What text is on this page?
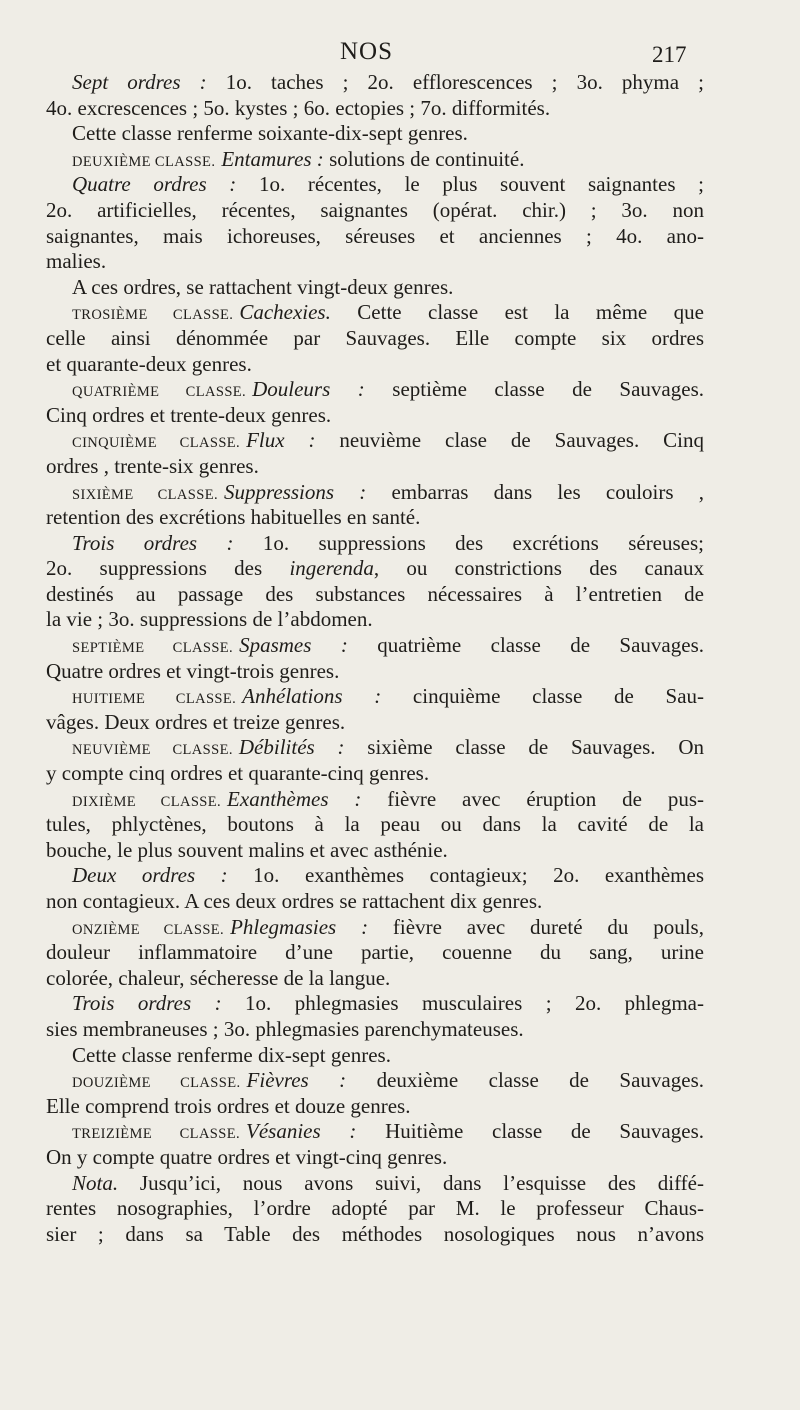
NOS	217
Sept ordres : 1o. taches ; 2o. efflorescences ; 3o. phyma ;
4o. excrescences ; 5o. kystes ; 6o. ectopies ; 7o. difformités.
Cette classe renferme soixante-dix-sept genres.
DEUXIÈME CLASSE. Entamures : solutions de continuité.
Quatre ordres : 1o. récentes, le plus souvent saignantes ;
2o. artificielles, récentes, saignantes (opérat. chir.) ; 3o. non
saignantes, mais ichoreuses, séreuses et anciennes ; 4o. ano-
malies.
A ces ordres, se rattachent vingt-deux genres.
TROSIÈME CLASSE. Cachexies. Cette classe est la même que
celle ainsi dénommée par Sauvages. Elle compte six ordres
et quarante-deux genres.
QUATRIÈME CLASSE. Douleurs : septième classe de Sauvages.
Cinq ordres et trente-deux genres.
CINQUIÈME CLASSE. Flux : neuvième clase de Sauvages. Cinq
ordres , trente-six genres.
SIXIÈME CLASSE. Suppressions : embarras dans les couloirs ,
retention des excrétions habituelles en santé.
Trois ordres : 1o. suppressions des excrétions séreuses;
2o. suppressions des ingerenda, ou constrictions des canaux
destinés au passage des substances nécessaires à l’entretien de
la vie ; 3o. suppressions de l’abdomen.
SEPTIÈME CLASSE. Spasmes : quatrième classe de Sauvages.
Quatre ordres et vingt-trois genres.
HUITIEME CLASSE. Anhélations : cinquième classe de Sau-
vâges. Deux ordres et treize genres.
NEUVIÈME CLASSE. Débilités : sixième classe de Sauvages. On
y compte cinq ordres et quarante-cinq genres.
DIXIÈME CLASSE. Exanthèmes : fièvre avec éruption de pus-
tules, phlyctènes, boutons à la peau ou dans la cavité de la
bouche, le plus souvent malins et avec asthénie.
Deux ordres : 1o. exanthèmes contagieux; 2o. exanthèmes
non contagieux. A ces deux ordres se rattachent dix genres.
ONZIÈME CLASSE. Phlegmasies : fièvre avec dureté du pouls,
douleur inflammatoire d’une partie, couenne du sang, urine
colorée, chaleur, sécheresse de la langue.
Trois ordres : 1o. phlegmasies musculaires ; 2o. phlegma-
sies membraneuses ; 3o. phlegmasies parenchymateuses.
Cette classe renferme dix-sept genres.
DOUZIÈME CLASSE. Fièvres : deuxième classe de Sauvages.
Elle comprend trois ordres et douze genres.
TREIZIÈME CLASSE. Vésanies : Huitième classe de Sauvages.
On y compte quatre ordres et vingt-cinq genres.
Nota. Jusqu’ici, nous avons suivi, dans l’esquisse des diffé-
rentes nosographies, l’ordre adopté par M. le professeur Chaus-
sier ; dans sa Table des méthodes nosologiques nous n’avons
